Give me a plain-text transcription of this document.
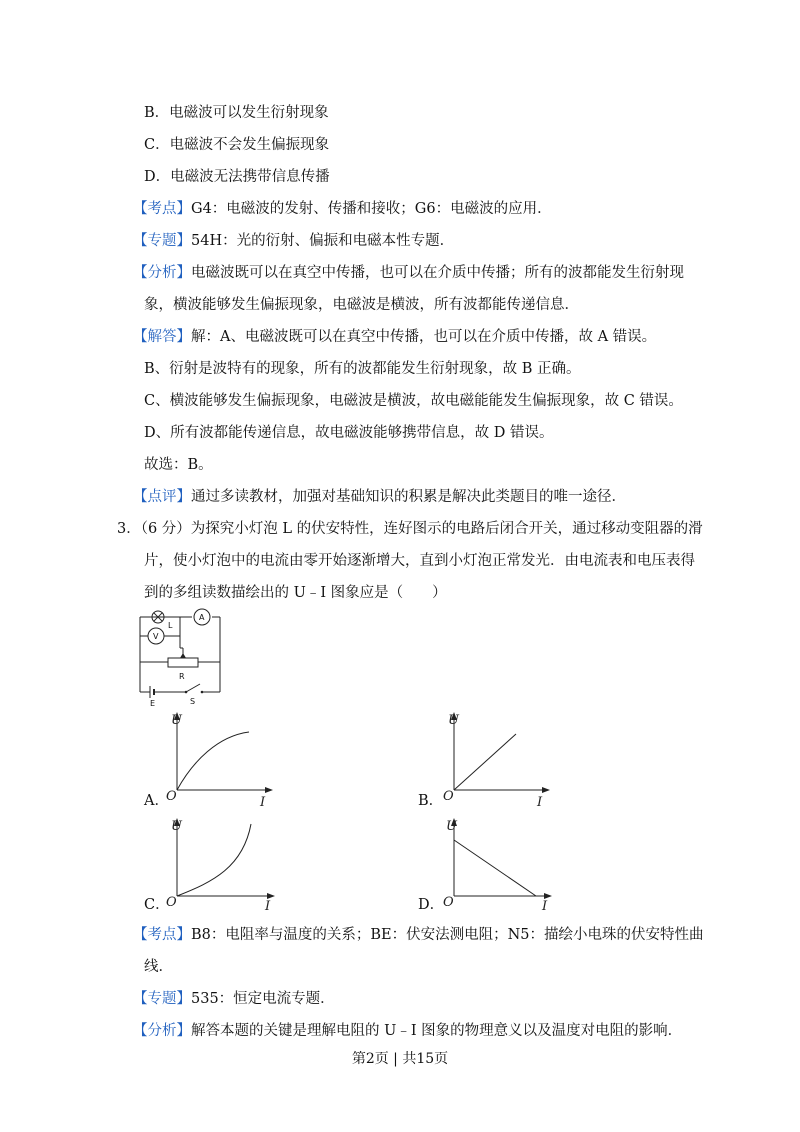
B．电磁波可以发生衍射现象
C．电磁波不会发生偏振现象
D．电磁波无法携带信息传播
【考点】G4：电磁波的发射、传播和接收；G6：电磁波的应用．
【专题】54H：光的衍射、偏振和电磁本性专题．
【分析】电磁波既可以在真空中传播，也可以在介质中传播；所有的波都能发生衍射现
象，横波能够发生偏振现象，电磁波是横波，所有波都能传递信息．
【解答】解：A、电磁波既可以在真空中传播，也可以在介质中传播，故 A 错误。
B、衍射是波特有的现象，所有的波都能发生衍射现象，故 B 正确。
C、横波能够发生偏振现象，电磁波是横波，故电磁能能发生偏振现象，故 C 错误。
D、所有波都能传递信息，故电磁波能够携带信息，故 D 错误。
故选：B。
【点评】通过多读教材，加强对基础知识的积累是解决此类题目的唯一途径．
3．（6 分）为探究小灯泡 L 的伏安特性，连好图示的电路后闭合开关，通过移动变阻器的滑
片，使小灯泡中的电流由零开始逐渐增大，直到小灯泡正常发光．由电流表和电压表得
到的多组读数描绘出的 U﹣I 图象应是（　　）
L
A
V
R
E	S
A．
U
O	I	B．
U
O	I
C．
U
O	I	D．
U
O	I
【考点】B8：电阻率与温度的关系；BE：伏安法测电阻；N5：描绘小电珠的伏安特性曲
线．
【专题】535：恒定电流专题．
【分析】解答本题的关键是理解电阻的 U﹣I 图象的物理意义以及温度对电阻的影响．
第2页 | 共15页
